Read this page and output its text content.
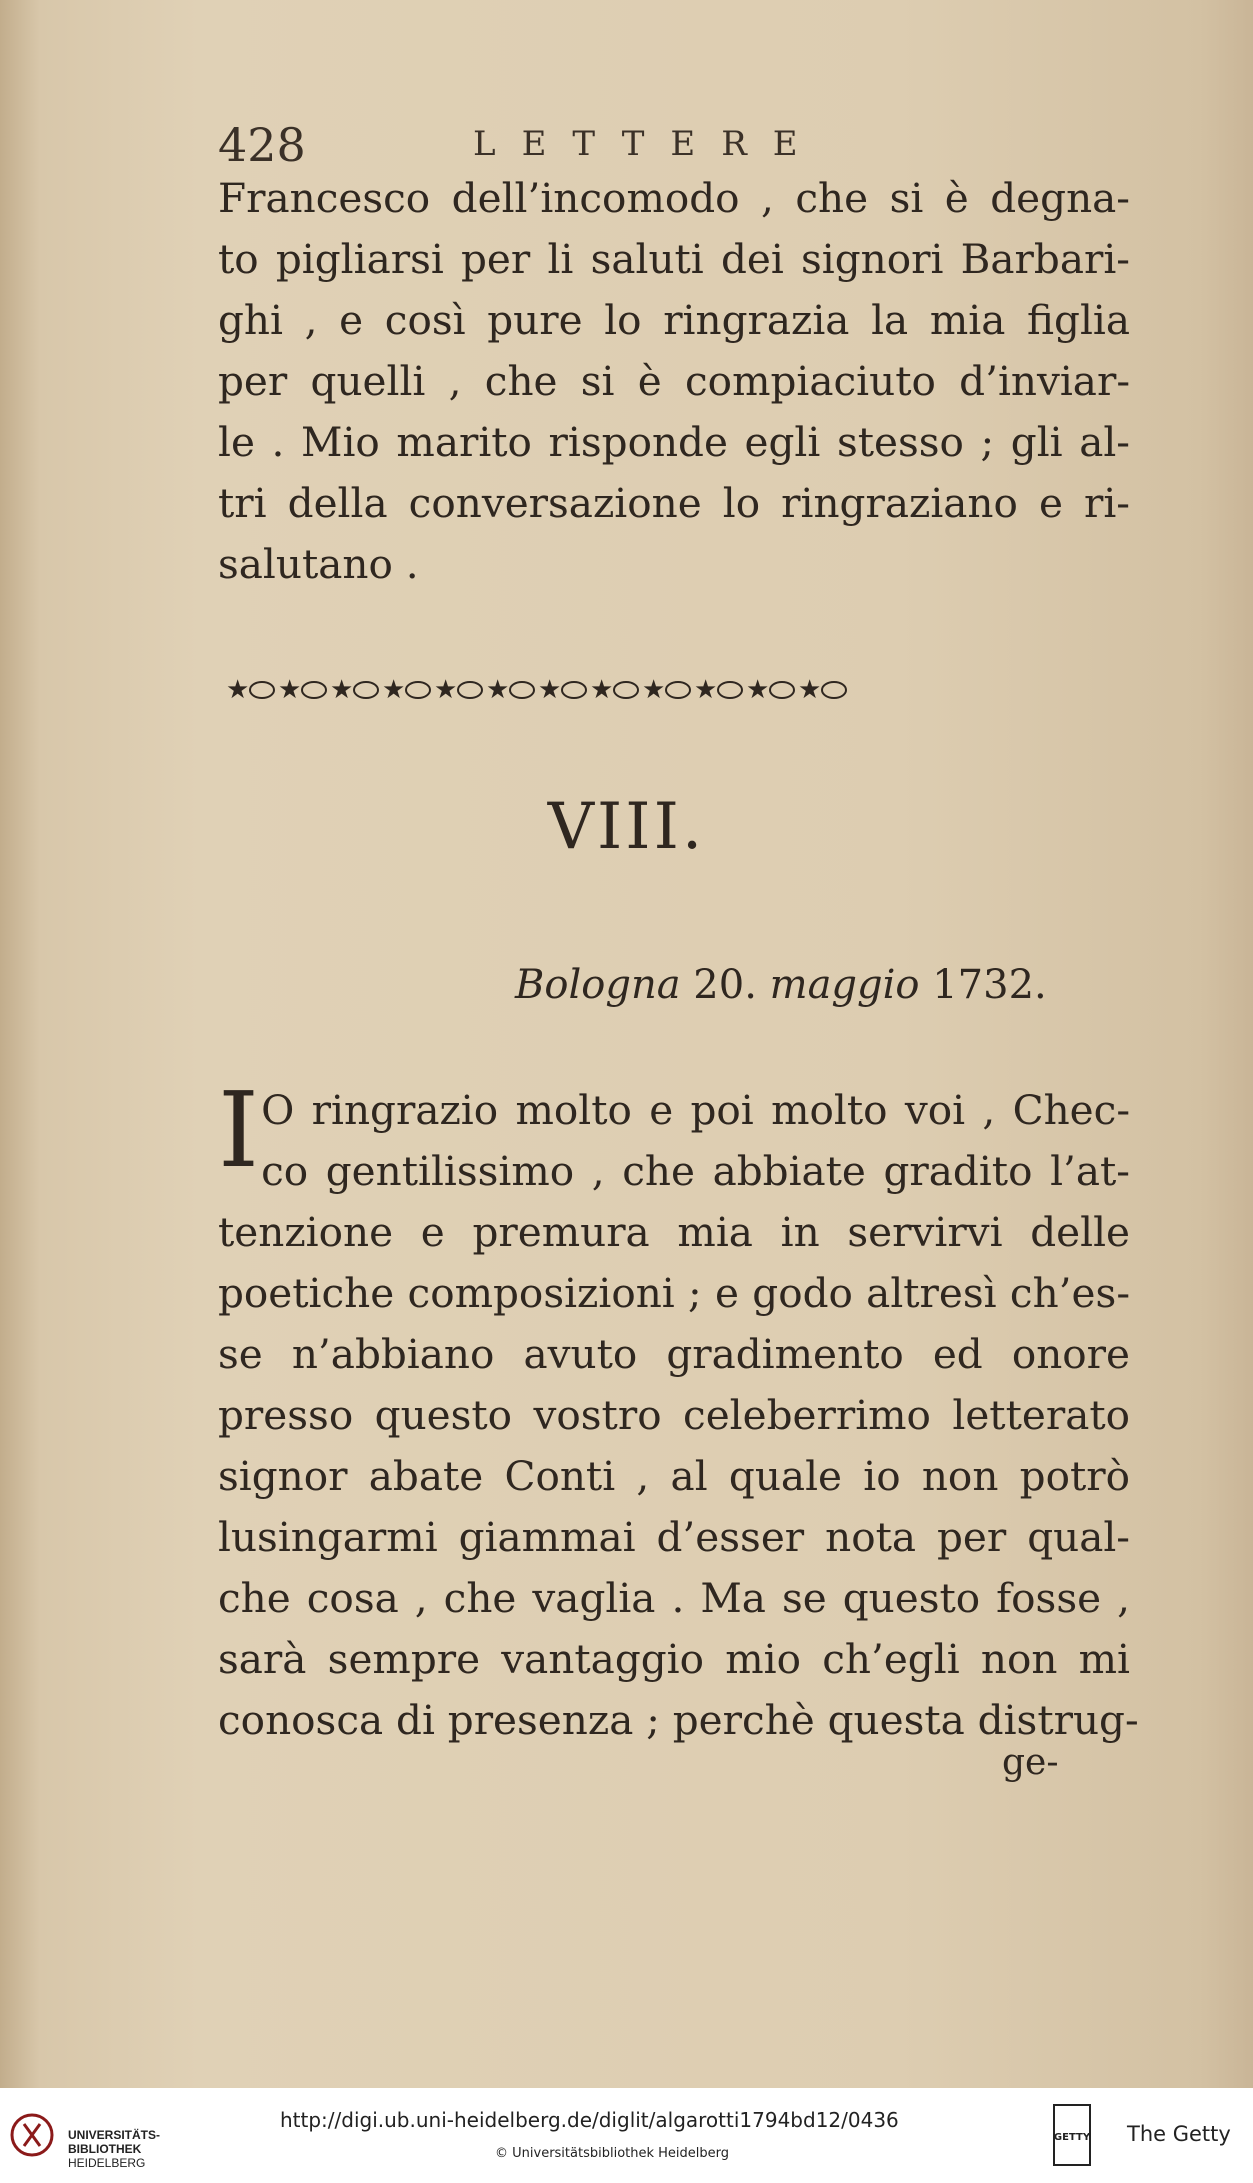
428	LETTERE
Francesco dell’incomodo , che si è degna-
to pigliarsi per li saluti dei signori Barbari-
ghi , e così pure lo ringrazia la mia figlia
per quelli , che si è compiaciuto d’inviar-
le . Mio marito risponde egli stesso ; gli al-
tri della conversazione lo ringraziano e ri-
salutano .
★ ★ ★ ★ ★ ★ ★ ★ ★ ★ ★ ★
VIII.
Bologna 20. maggio 1732.
I O ringrazio molto e poi molto voi , Chec-
co gentilissimo , che abbiate gradito l’at-
tenzione e premura mia in servirvi delle
poetiche composizioni ; e godo altresì ch’es-
se n’abbiano avuto gradimento ed onore
presso questo vostro celeberrimo letterato
signor abate Conti , al quale io non potrò
lusingarmi giammai d’esser nota per qual-
che cosa , che vaglia . Ma se questo fosse ,
sarà sempre vantaggio mio ch’egli non mi
conosca di presenza ; perchè questa distrug-
ge-
UNIVERSITÄTS-
BIBLIOTHEK
HEIDELBERG
http://digi.ub.uni-heidelberg.de/diglit/algarotti1794bd12/0436
© Universitätsbibliothek Heidelberg
GETTY The Getty
